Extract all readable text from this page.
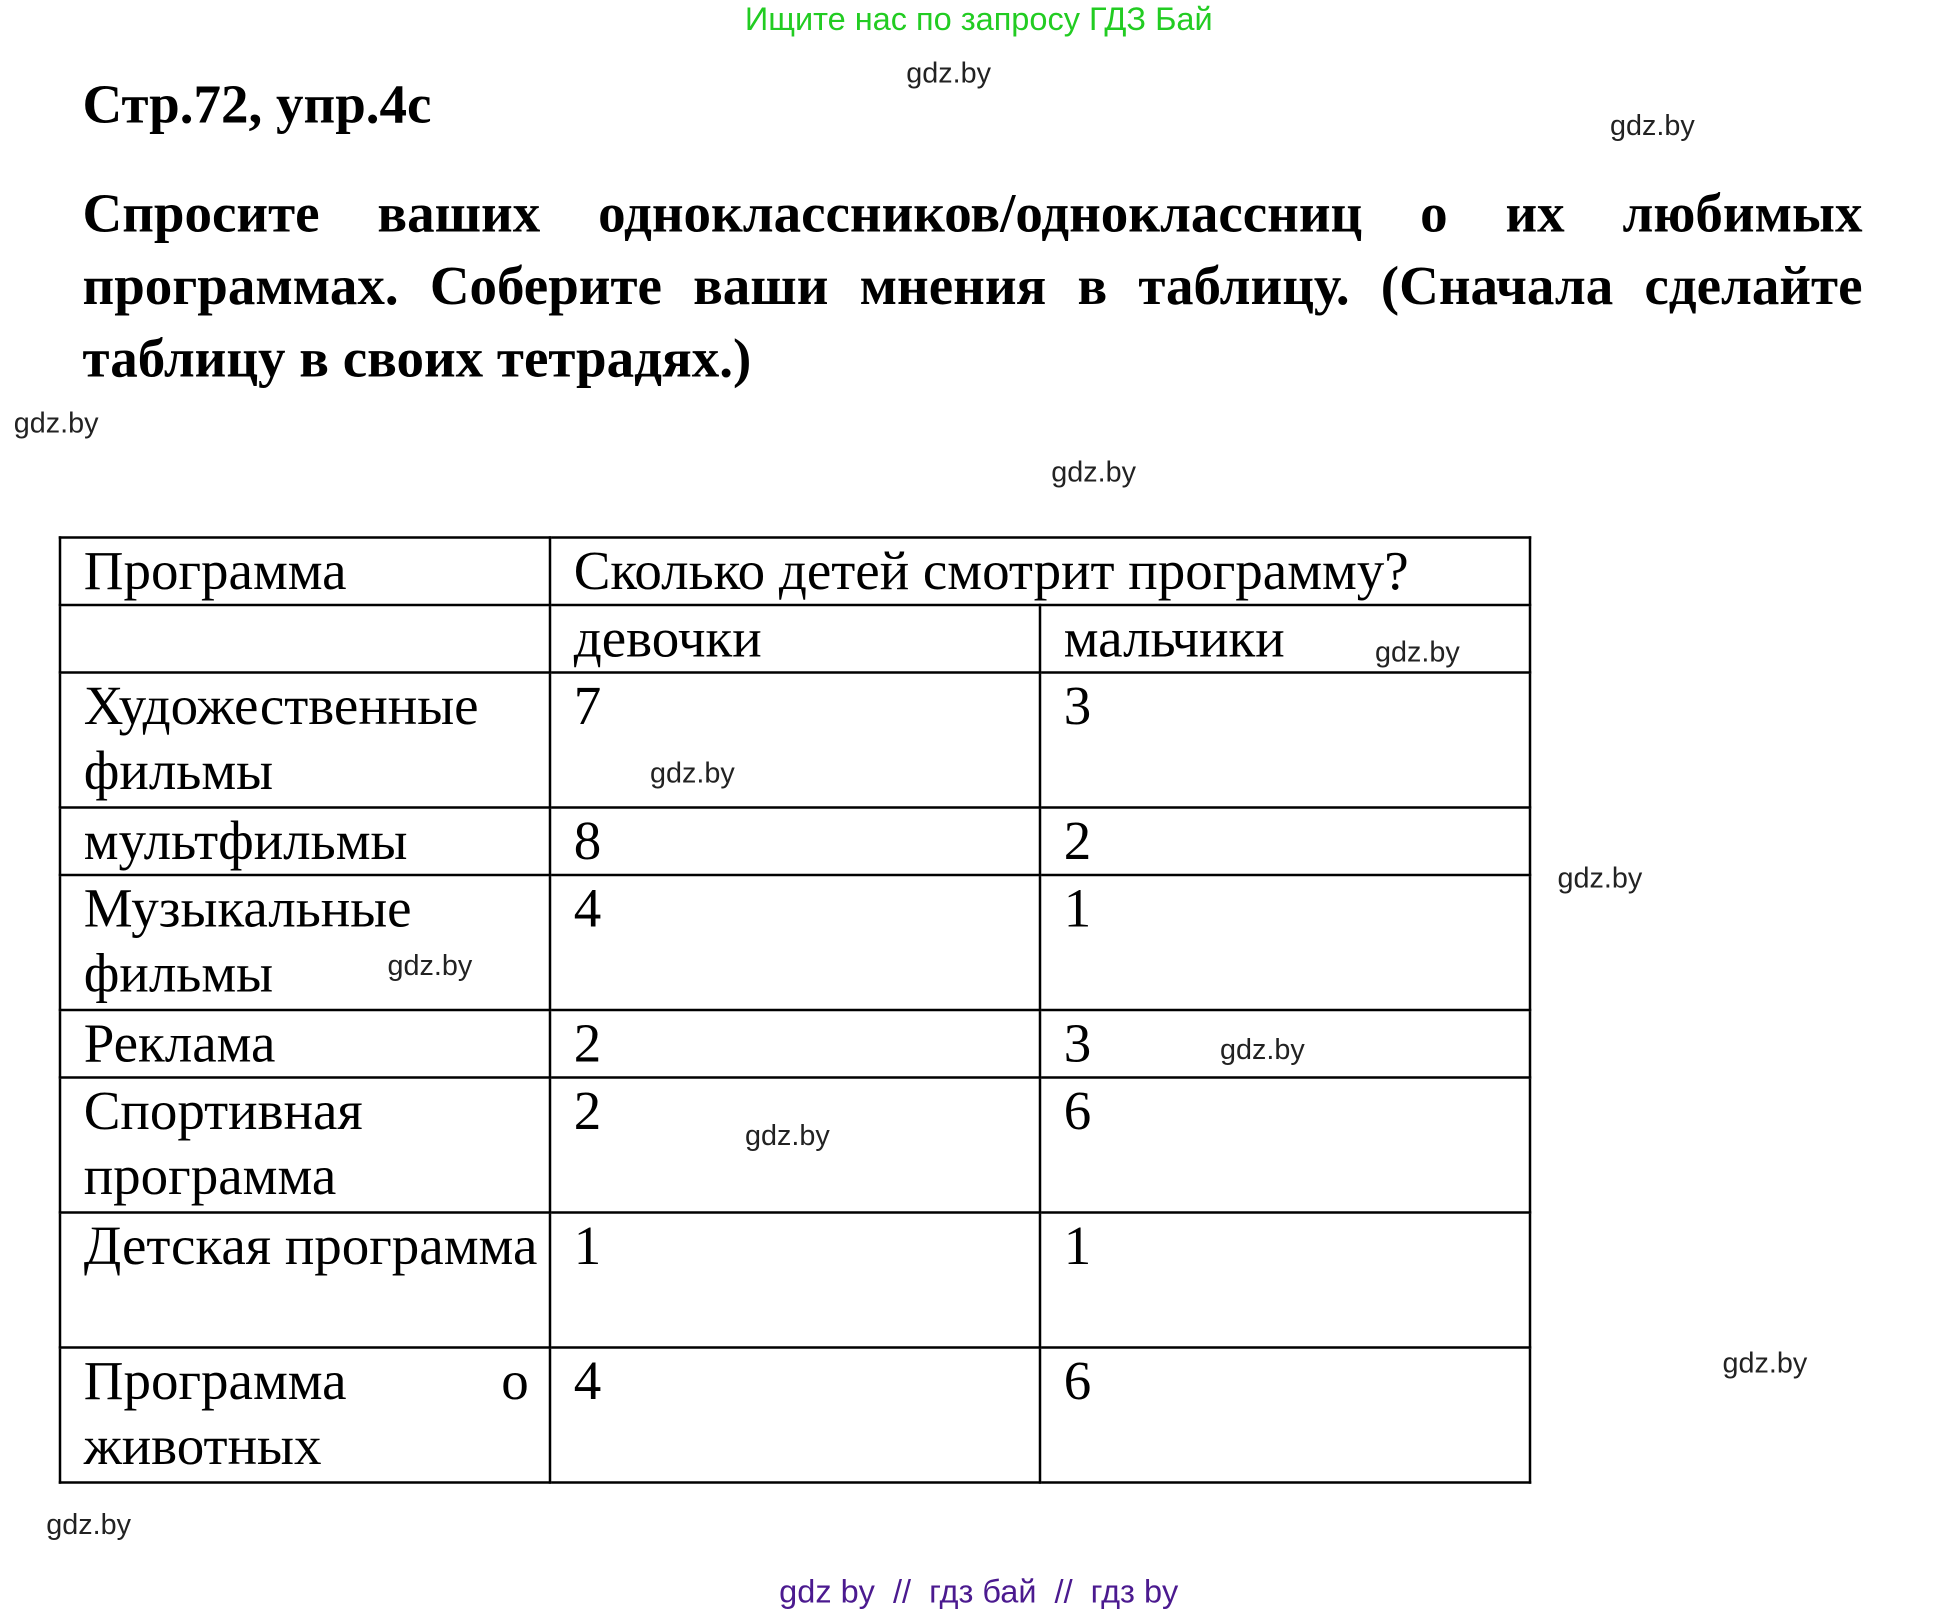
Ищите нас по запросу ГДЗ Бай
Стр.72, упр.4с

Спросите ваших одноклассников/одноклассниц о их любимых программах. Соберите ваши мнения в таблицу. (Сначала сделайте таблицу в своих тетрадях.)

Программа	Сколько детей смотрит программу?	
	девочки	мальчики
Художественные фильмы	7	3
мультфильмы	8	2
Музыкальные фильмы	4	1
Реклама	2	3
Спортивная программа	2	6
Детская программа	1	1

Программа о
животных	4	6
gdz.by
gdz.by
gdz.by
gdz.by
gdz.by
gdz.by
gdz.by
gdz.by
gdz.by
gdz.by
gdz.by
gdz.by
gdz by  //  гдз бай  //  гдз by
